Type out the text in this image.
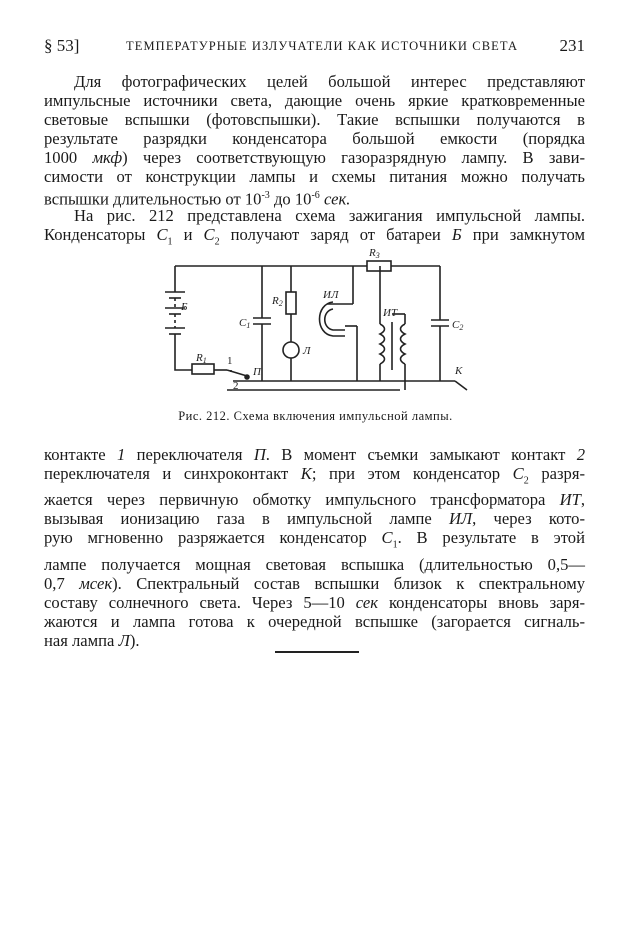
§ 53]	ТЕМПЕРАТУРНЫЕ ИЗЛУЧАТЕЛИ КАК ИСТОЧНИКИ СВЕТА 231
Для фотографических целей большой интерес представляют
импульсные источники света, дающие очень яркие кратковременные
световые вспышки (фотовспышки). Такие вспышки получаются в
результате разрядки конденсатора большой емкости (порядка
1000 мкф) через соответствующую газоразрядную лампу. В зави-
симости от конструкции лампы и схемы питания можно получать
вспышки длительностью от $10^{-3}$ до $10^{-6}$ сек.
На рис. 212 представлена схема зажигания импульсной лампы.
Конденсаторы $C_1$ и $C_2$ получают заряд от батареи Б при замкнутом
Б
R1
R2
R3
C1	C2
ИЛ
ИТ
Л
П	К
1
2
Рис. 212. Схема включения импульсной лампы.
контакте 1 переключателя П. В момент съемки замыкают контакт 2
переключателя и синхроконтакт К; при этом конденсатор $C_2$ разря-
жается через первичную обмотку импульсного трансформатора ИТ,
вызывая ионизацию газа в импульсной лампе ИЛ, через кото-
рую мгновенно разряжается конденсатор $C_1$. В результате в этой
лампе получается мощная световая вспышка (длительностью 0,5—
0,7 мсек). Спектральный состав вспышки близок к спектральному
составу солнечного света. Через 5—10 сек конденсаторы вновь заря-
жаются и лампа готова к очередной вспышке (загорается сигналь-
ная лампа Л).
